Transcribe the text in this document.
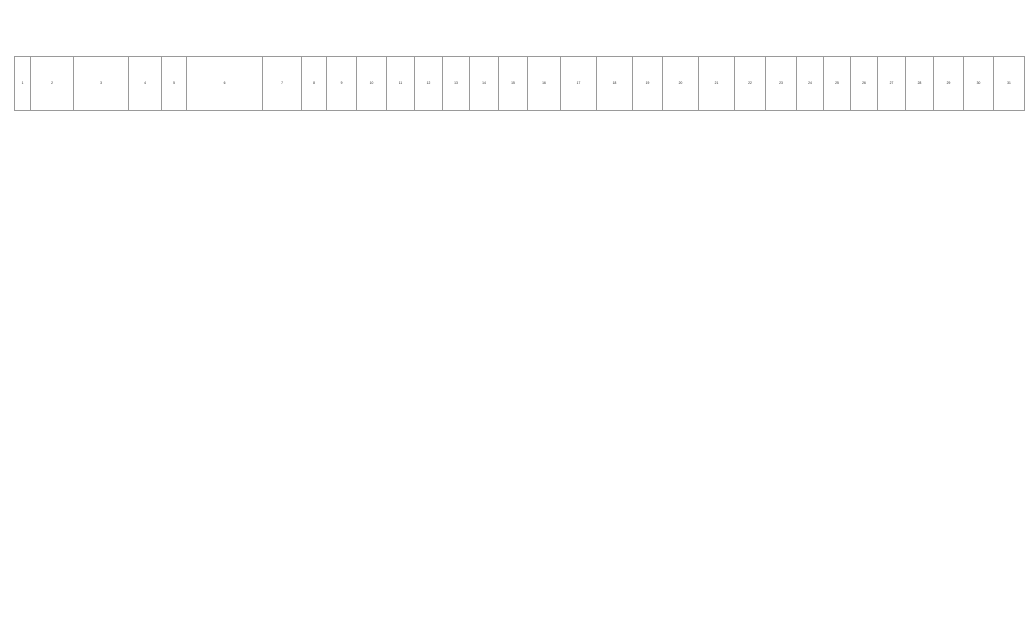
1	2	3	4	5	6	7	8	9	10	11	12	13	14	15	16	17	18	19	20	21	22	23	24	25	26	27	28	29	30	31	
